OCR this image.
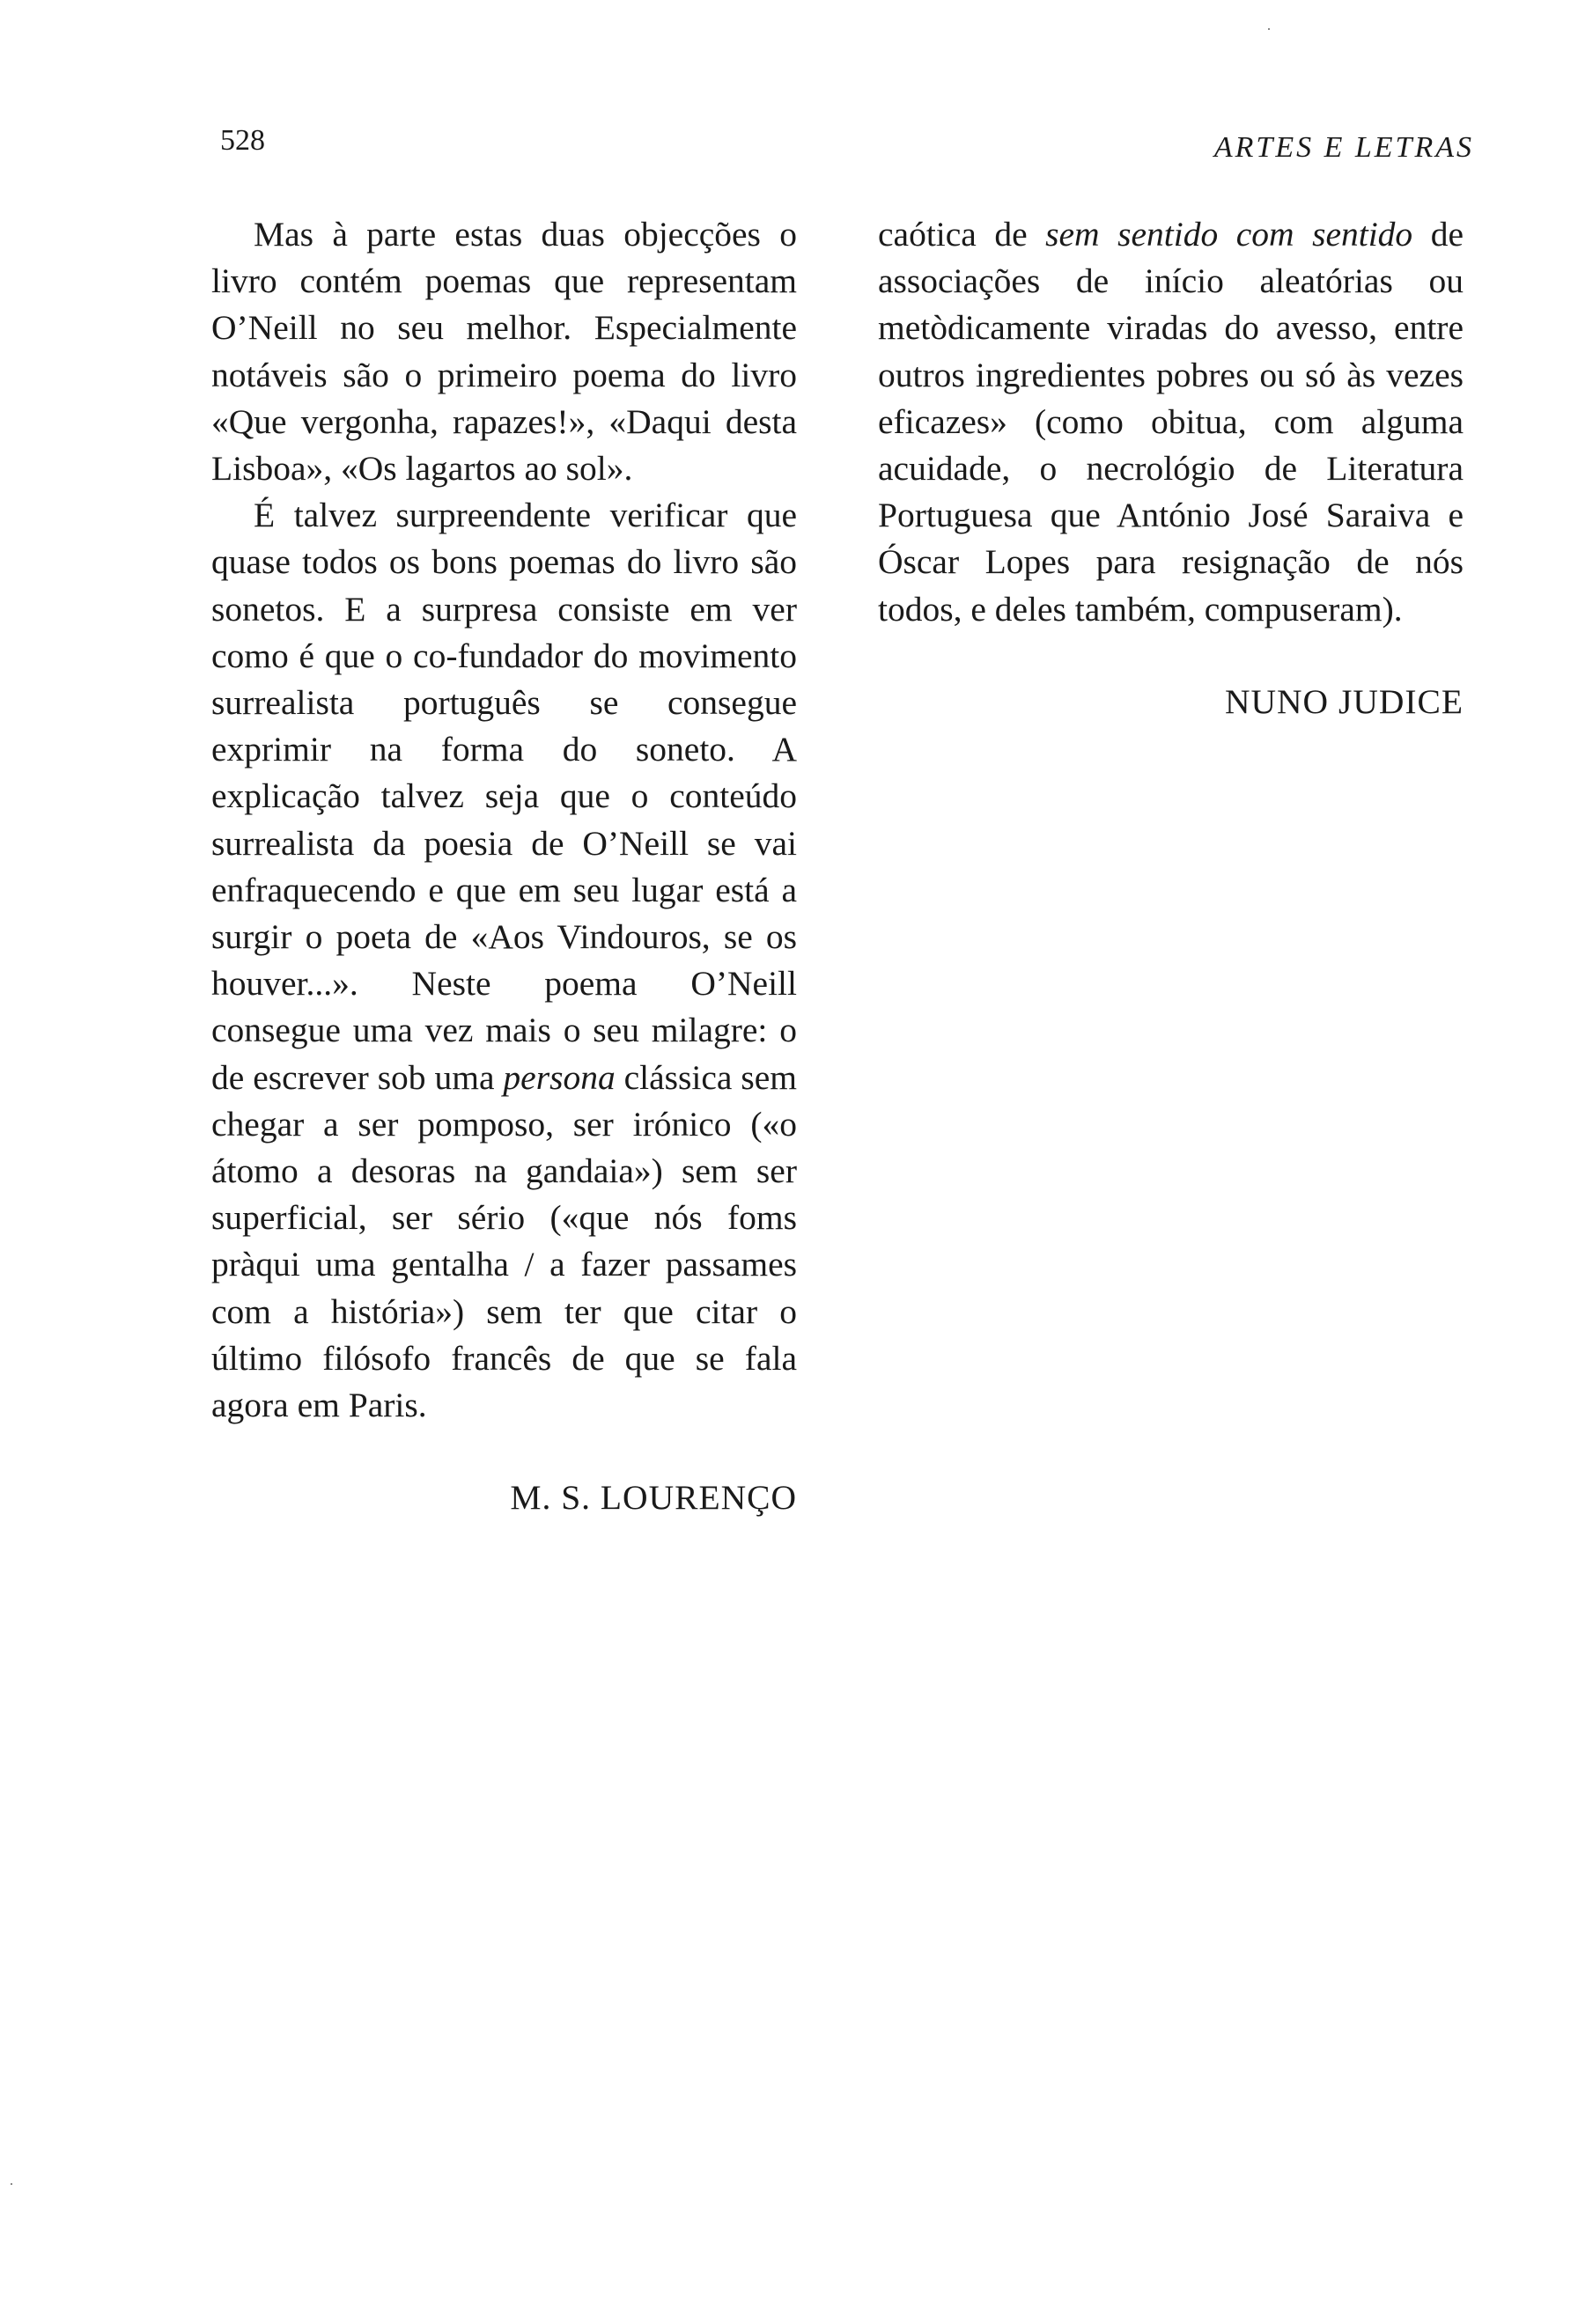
528	ARTES E LETRAS

Mas à parte estas duas objecções o livro contém poemas que representam O’Neill no seu melhor. Especialmente notáveis são o primeiro poema do livro «Que vergonha, rapazes!», «Daqui desta Lisboa», «Os lagartos ao sol».

É talvez surpreendente verificar que quase todos os bons poemas do livro são sonetos. E a surpresa consiste em ver como é que o co-fundador do movimento surrealista português se consegue exprimir na forma do soneto. A explicação talvez seja que o conteúdo surrealista da poesia de O’Neill se vai enfraquecendo e que em seu lugar está a surgir o poeta de «Aos Vindouros, se os houver...». Neste poema O’Neill consegue uma vez mais o seu milagre: o de escrever sob uma persona clássica sem chegar a ser pomposo, ser irónico («o átomo a desoras na gandaia») sem ser superficial, ser sério («que nós foms pràqui uma gentalha / a fazer passames com a história») sem ter que citar o último filósofo francês de que se fala agora em Paris.

M. S. LOURENÇO

caótica de sem sentido com sentido de associações de início aleatórias ou metòdicamente viradas do avesso, entre outros ingredientes pobres ou só às vezes eficazes» (como obitua, com alguma acuidade, o necrológio de Literatura Portuguesa que António José Saraiva e Óscar Lopes para resignação de nós todos, e deles também, compuseram).

NUNO JUDICE
